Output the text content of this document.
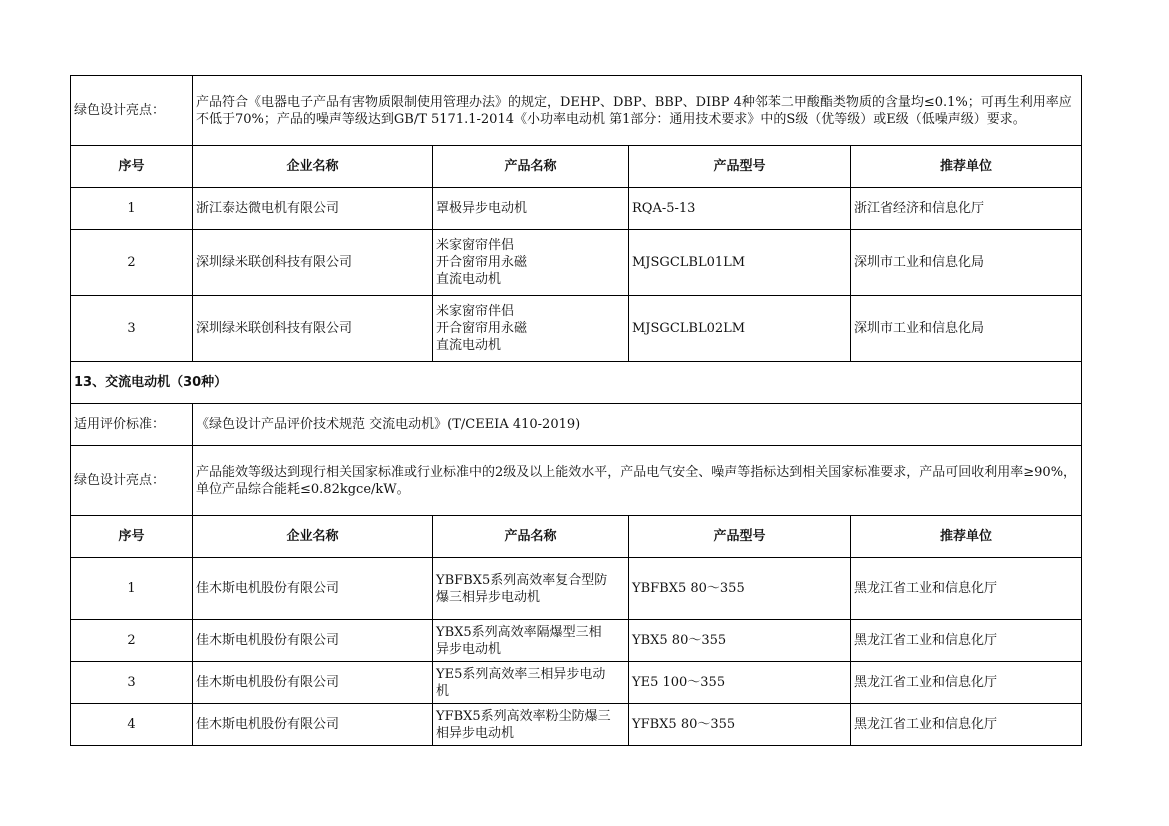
绿色设计亮点：	产品符合《电器电子产品有害物质限制使用管理办法》的规定，DEHP、DBP、BBP、DIBP 4种邻苯二甲酸酯类物质的含量均≤0.1%；可再生利用率应不低于70%；产品的噪声等级达到GB/T 5171.1-2014《小功率电动机 第1部分：通用技术要求》中的S级（优等级）或E级（低噪声级）要求。			
序号	企业名称	产品名称	产品型号	推荐单位
1	浙江泰达微电机有限公司	罩极异步电动机	RQA-5-13	浙江省经济和信息化厅
2	深圳绿米联创科技有限公司	米家窗帘伴侣
开合窗帘用永磁
直流电动机	MJSGCLBL01LM	深圳市工业和信息化局
3	深圳绿米联创科技有限公司	米家窗帘伴侣
开合窗帘用永磁
直流电动机	MJSGCLBL02LM	深圳市工业和信息化局
13、交流电动机（30种）				
适用评价标准：	《绿色设计产品评价技术规范 交流电动机》(T/CEEIA 410-2019)			
绿色设计亮点：	产品能效等级达到现行相关国家标准或行业标准中的2级及以上能效水平，产品电气安全、噪声等指标达到相关国家标准要求，产品可回收利用率≥90%，单位产品综合能耗≤0.82kgce/kW。			
序号	企业名称	产品名称	产品型号	推荐单位
1	佳木斯电机股份有限公司	YBFBX5系列高效率复合型防
爆三相异步电动机	YBFBX5 80～355	黑龙江省工业和信息化厅
2	佳木斯电机股份有限公司	YBX5系列高效率隔爆型三相
异步电动机	YBX5 80～355	黑龙江省工业和信息化厅
3	佳木斯电机股份有限公司	YE5系列高效率三相异步电动
机	YE5 100～355	黑龙江省工业和信息化厅
4	佳木斯电机股份有限公司	YFBX5系列高效率粉尘防爆三
相异步电动机	YFBX5 80～355	黑龙江省工业和信息化厅
